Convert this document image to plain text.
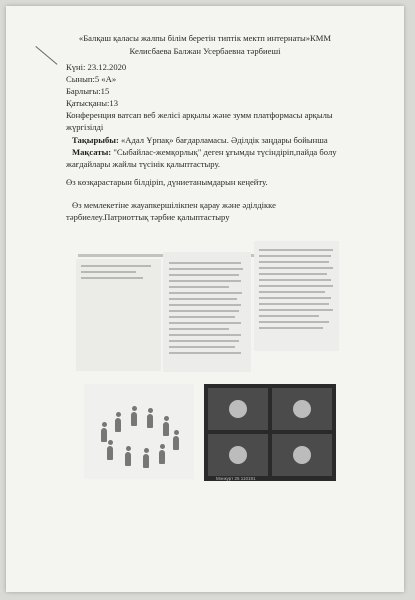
«Балқаш қаласы жалпы білім беретін типтік мектп интернаты»КММ
Келисбаева Балжан Усербаевна тәрбиеші
Күні: 23.12.2020
Сынып:5 «А»
Барлығы:15
Қатысқаны:13
Конференция ватсап веб желісі арқылы және зумм платформасы арқылы
жүргізілді
Тақырыбы: «Адал Ұрпақ» бағдарламасы. Әдiлдiк заңдары бойынша
Мақсаты: "Сыбайлас-жемқорлық" деген ұғымды түсіндіріп,пайда болу
жағдайлары жайлы түсінік қалыптастыру.
Өз көзқарастарын білдіріп, дүниетанымдарын кеңейту.
Өз мемлекетіне жауапкершілікпен қарау және әділдікке
тәрбиелеу.Патриоттық тәрбие қалыптастыру
Мэнкурт 25 110191
